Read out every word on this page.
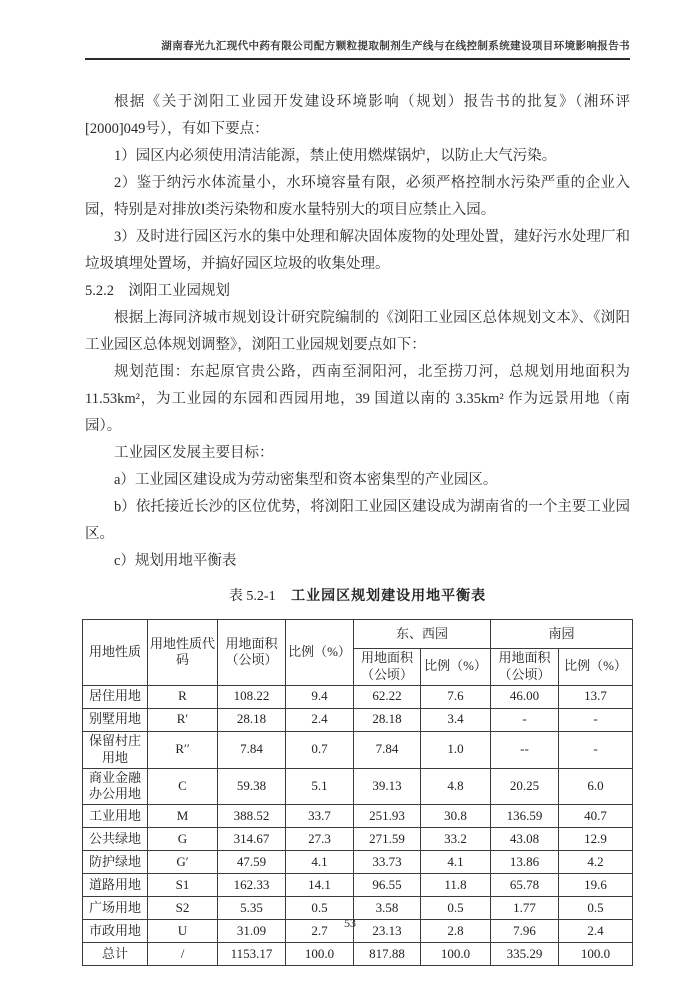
湖南春光九汇现代中药有限公司配方颗粒提取制剂生产线与在线控制系统建设项目环境影响报告书

根据《关于浏阳工业园开发建设环境影响（规划）报告书的批复》（湘环评[2000]049号），有如下要点：

1）园区内必须使用清洁能源，禁止使用燃煤锅炉，以防止大气污染。

2）鉴于纳污水体流量小，水环境容量有限，必须严格控制水污染严重的企业入园，特别是对排放Ⅰ类污染物和废水量特别大的项目应禁止入园。

3）及时进行园区污水的集中处理和解决固体废物的处理处置，建好污水处理厂和垃圾填埋处置场，并搞好园区垃圾的收集处理。

5.2.2　浏阳工业园规划

根据上海同济城市规划设计研究院编制的《浏阳工业园区总体规划文本》、《浏阳工业园区总体规划调整》，浏阳工业园规划要点如下：

规划范围：东起原官贵公路，西南至洞阳河，北至捞刀河，总规划用地面积为11.53km²，为工业园的东园和西园用地，39 国道以南的 3.35km² 作为远景用地（南园）。

工业园区发展主要目标：

a）工业园区建设成为劳动密集型和资本密集型的产业园区。

b）依托接近长沙的区位优势，将浏阳工业园区建设成为湖南省的一个主要工业园区。

c）规划用地平衡表

表 5.2-1 工业园区规划建设用地平衡表
用地性质	用地性质代码	用地面积（公顷）	比例（%）	东、西园		南园	
				用地面积（公顷）	比例（%）	用地面积（公顷）	比例（%）
居住用地	R	108.22	9.4	62.22	7.6	46.00	13.7
别墅用地	R′	28.18	2.4	28.18	3.4	-	-
保留村庄用地	R′′	7.84	0.7	7.84	1.0	--	-
商业金融办公用地	C	59.38	5.1	39.13	4.8	20.25	6.0
工业用地	M	388.52	33.7	251.93	30.8	136.59	40.7
公共绿地	G	314.67	27.3	271.59	33.2	43.08	12.9
防护绿地	G′	47.59	4.1	33.73	4.1	13.86	4.2
道路用地	S1	162.33	14.1	96.55	11.8	65.78	19.6
广场用地	S2	5.35	0.5	3.58	0.5	1.77	0.5
市政用地	U	31.09	2.7	23.13	2.8	7.96	2.4
总计	/	1153.17	100.0	817.88	100.0	335.29	100.0
53
